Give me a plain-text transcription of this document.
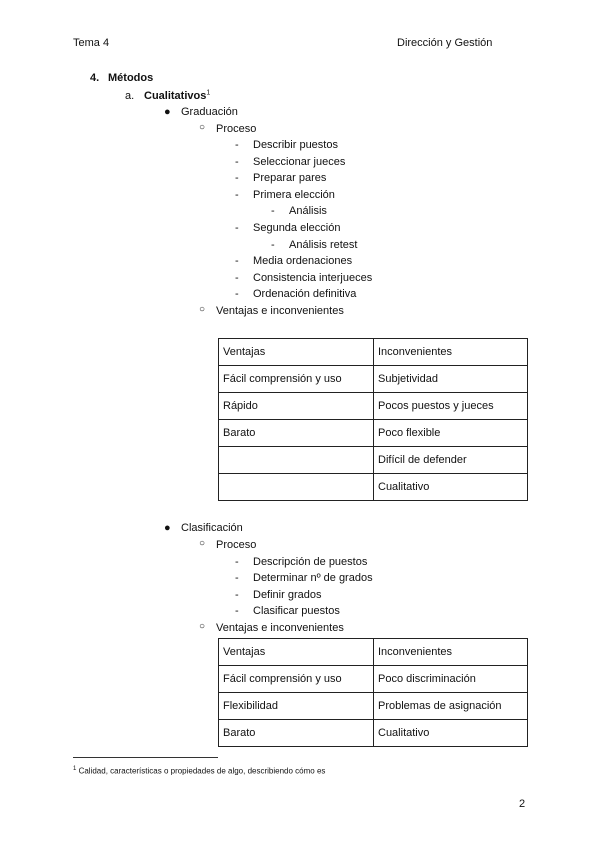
Tema 4	Dirección y Gestión
4. Métodos
a. Cualitativos$^1$
● Graduación
○ Proceso
- Describir puestos
- Seleccionar jueces
- Preparar pares
- Primera elección
- Análisis
- Segunda elección
- Análisis retest
- Media ordenaciones
- Consistencia interjueces
- Ordenación definitiva
○ Ventajas e inconvenientes
Ventajas	Inconvenientes
Fácil comprensión y uso	Subjetividad
Rápido	Pocos puestos y jueces
Barato	Poco flexible
	Difícil de defender
	Cualitativo
● Clasificación
○ Proceso
- Descripción de puestos
- Determinar nº de grados
- Definir grados
- Clasificar puestos
○ Ventajas e inconvenientes
Ventajas	Inconvenientes
Fácil comprensión y uso	Poco discriminación
Flexibilidad	Problemas de asignación
Barato	Cualitativo
$^1$ Calidad, características o propiedades de algo, describiendo cómo es
2
